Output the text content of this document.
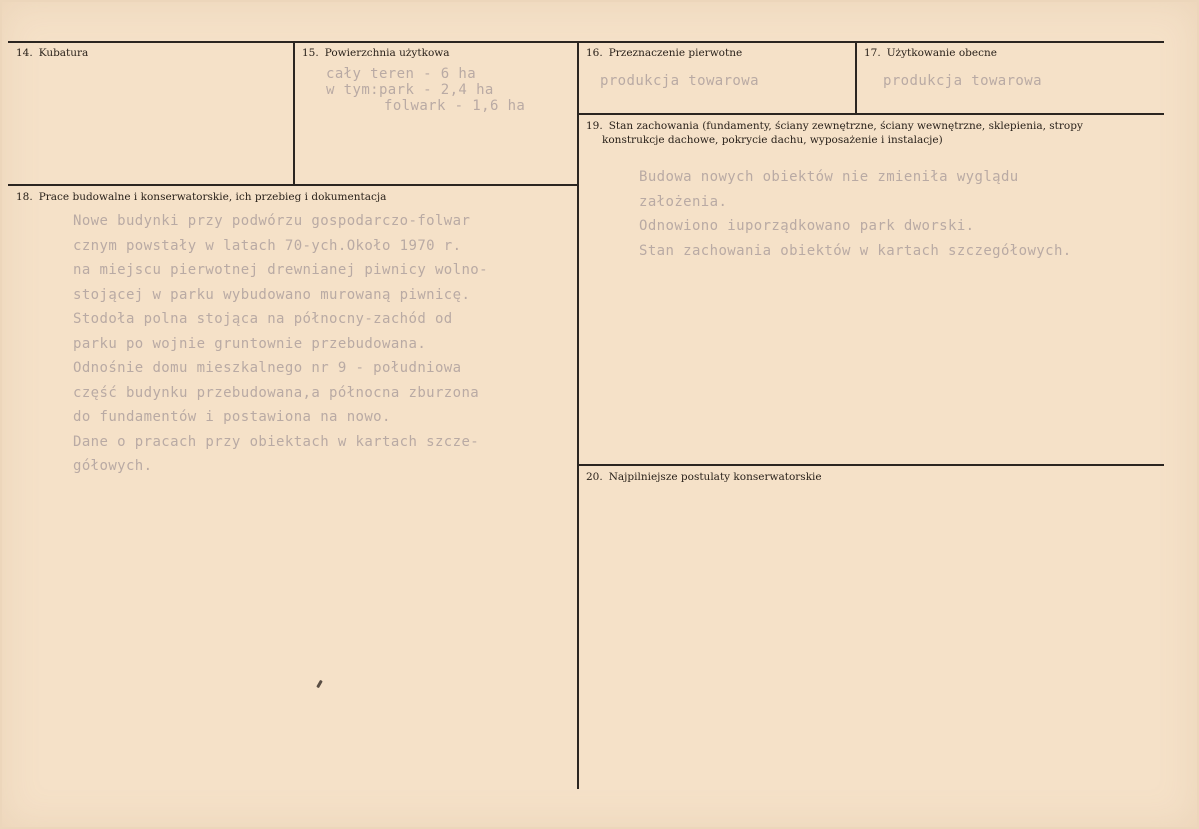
14. Kubatura	15. Powierzchnia użytkowa
cały teren - 6 ha
w tym:park - 2,4 ha
folwark - 1,6 ha
16. Przeznaczenie pierwotne
produkcja towarowa
17. Użytkowanie obecne
produkcja towarowa
18. Prace budowalne i konserwatorskie, ich przebieg i dokumentacja
Nowe budynki przy podwórzu gospodarczo-folwar
cznym powstały w latach 70-ych.Około 1970 r.
na miejscu pierwotnej drewnianej piwnicy wolno-
stojącej w parku wybudowano murowaną piwnicę.
Stodoła polna stojąca na północny-zachód od
parku po wojnie gruntownie przebudowana.
Odnośnie domu mieszkalnego nr 9 - południowa
część budynku przebudowana,a północna zburzona
do fundamentów i postawiona na nowo.
Dane o pracach przy obiektach w kartach szcze-
gółowych.
19. Stan zachowania (fundamenty, ściany zewnętrzne, ściany wewnętrzne, sklepienia, stropy
konstrukcje dachowe, pokrycie dachu, wyposażenie i instalacje)
Budowa nowych obiektów nie zmieniła wyglądu
założenia.
Odnowiono iuporządkowano park dworski.
Stan zachowania obiektów w kartach szczegółowych.
20. Najpilniejsze postulaty konserwatorskie
